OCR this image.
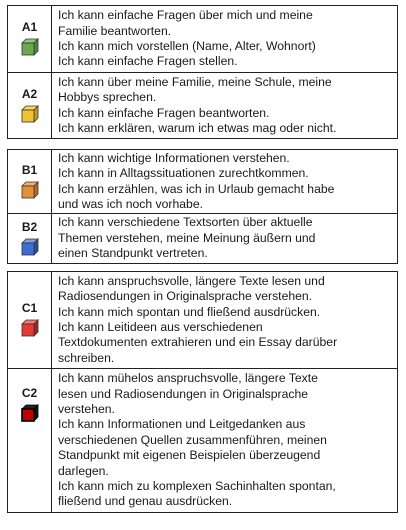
A1
Ich kann einfache Fragen über mich und meine
Familie beantworten.
Ich kann mich vorstellen (Name, Alter, Wohnort)
Ich kann einfache Fragen stellen.
A2
Ich kann über meine Familie, meine Schule, meine
Hobbys sprechen.
Ich kann einfache Fragen beantworten.
Ich kann erklären, warum ich etwas mag oder nicht.
B1
Ich kann wichtige Informationen verstehen.
Ich kann in Alltagssituationen zurechtkommen.
Ich kann erzählen, was ich in Urlaub gemacht habe
und was ich noch vorhabe.
B2 Ich kann verschiedene Textsorten über aktuelle
Themen verstehen, meine Meinung äußern und
einen Standpunkt vertreten.
C1
Ich kann anspruchsvolle, längere Texte lesen und
Radiosendungen in Originalsprache verstehen.
Ich kann mich spontan und fließend ausdrücken.
Ich kann Leitideen aus verschiedenen
Textdokumenten extrahieren und ein Essay darüber
schreiben.
C2
Ich kann mühelos anspruchsvolle, längere Texte
lesen und Radiosendungen in Originalsprache
verstehen.
Ich kann Informationen und Leitgedanken aus
verschiedenen Quellen zusammenführen, meinen
Standpunkt mit eigenen Beispielen überzeugend
darlegen.
Ich kann mich zu komplexen Sachinhalten spontan,
fließend und genau ausdrücken.
